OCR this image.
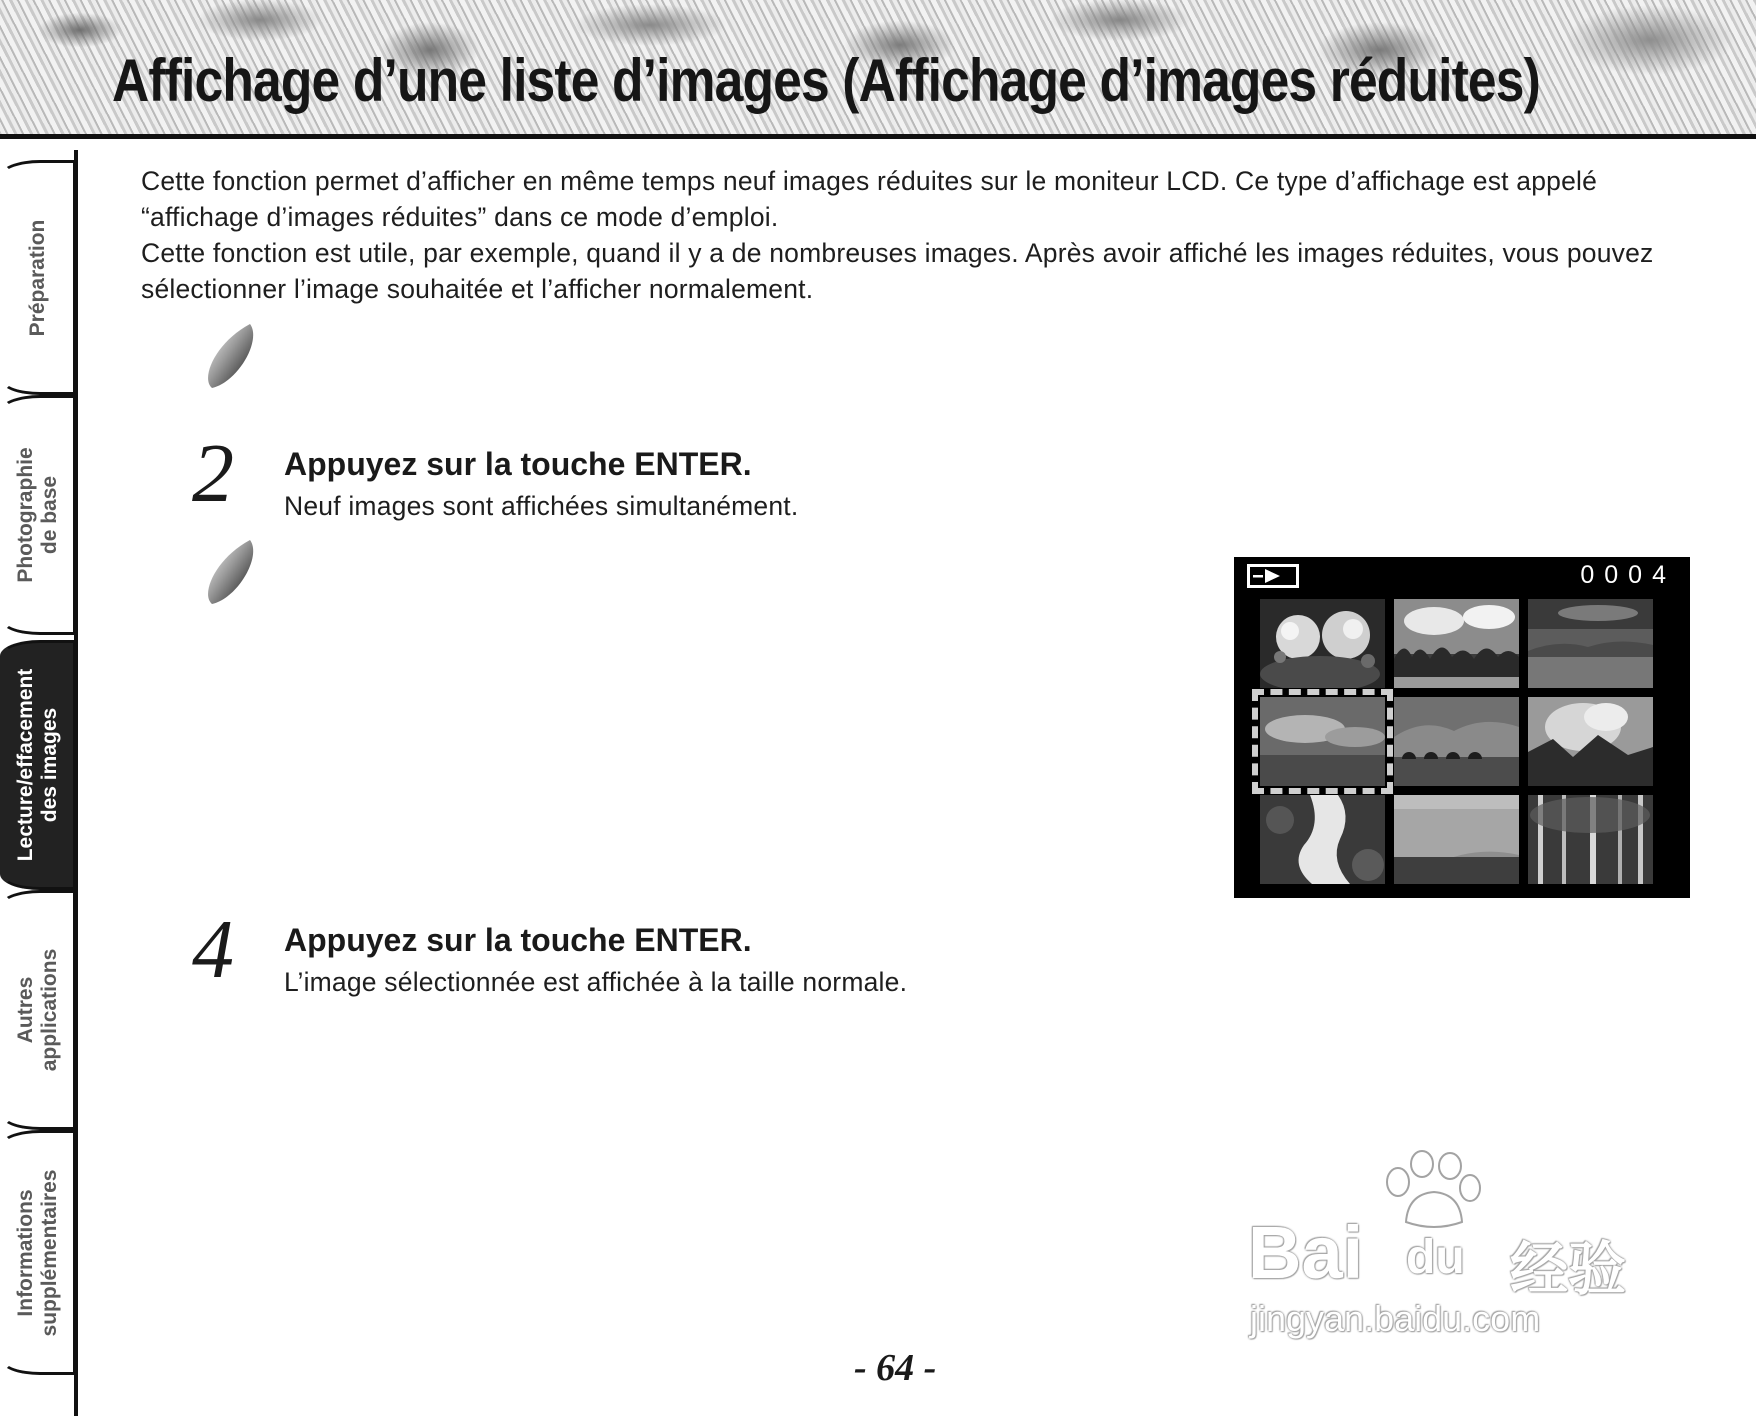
Affichage d’une liste d’images (Affichage d’images réduites)
Préparation
Photographie
de base
Lecture/effacement
des images
Autres
applications
Informations
supplémentaires

Cette fonction permet d’afficher en même temps neuf images réduites sur le moniteur LCD. Ce type d’affichage est appelé “affichage d’images réduites” dans ce mode d’emploi.

Cette fonction est utile, par exemple, quand il y a de nombreuses images. Après avoir affiché les images réduites, vous pouvez sélectionner l’image souhaitée et l’afficher normalement.

2 Appuyez sur la touche ENTER.

Neuf images sont affichées simultanément.

4 Appuyez sur la touche ENTER.

L’image sélectionnée est affichée à la taille normale.

0004
Bai du 经验
jingyan.baidu.com
- 64 -
